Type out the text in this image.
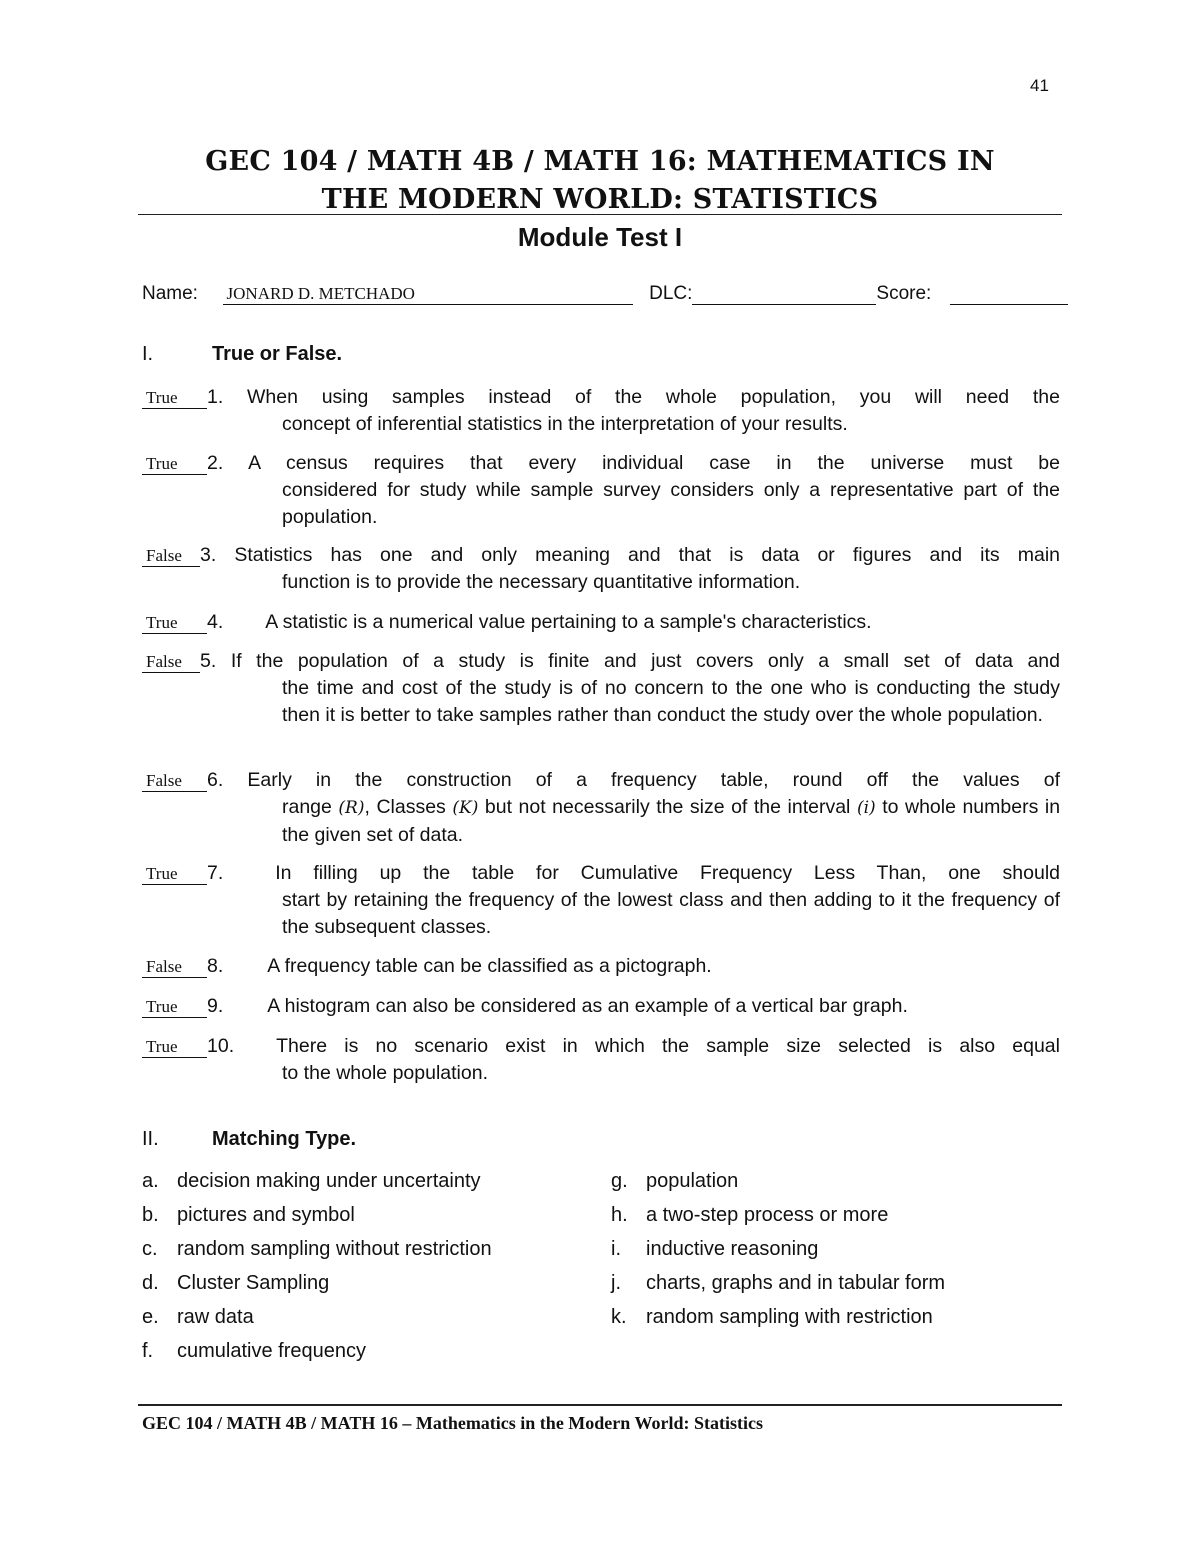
41
GEC 104 / MATH 4B / MATH 16: MATHEMATICS IN
THE MODERN WORLD: STATISTICS
Module Test I
Name: JONARD D. METCHADO	DLC:	Score:
I.	True or False.
True 1. When using samples instead of the whole population, you will need the
concept of inferential statistics in the interpretation of your results.
True 2. A census requires that every individual case in the universe must be
considered for study while sample survey considers only a representative part of the population.
False 3. Statistics has one and only meaning and that is data or figures and its main
function is to provide the necessary quantitative information.
True 4. A statistic is a numerical value pertaining to a sample's characteristics.
False 5. If the population of a study is finite and just covers only a small set of data and
the time and cost of the study is of no concern to the one who is conducting the study then it is better to take samples rather than conduct the study over the whole population.
False 6. Early in the construction of a frequency table, round off the values of
range (R), Classes (K) but not necessarily the size of the interval (i) to whole numbers in the given set of data.
True 7.	In filling up the table for Cumulative Frequency Less Than, one should
start by retaining the frequency of the lowest class and then adding to it the frequency of the subsequent classes.
False 8. A frequency table can be classified as a pictograph.
True 9. A histogram can also be considered as an example of a vertical bar graph.
True 10. There is no scenario exist in which the sample size selected is also equal
to the whole population.
II.	Matching Type.
a. decision making under uncertainty
b. pictures and symbol
c. random sampling without restriction
d. Cluster Sampling
e. raw data
f. cumulative frequency
g. population
h. a two-step process or more
i. inductive reasoning
j. charts, graphs and in tabular form
k. random sampling with restriction
GEC 104 / MATH 4B / MATH 16 – Mathematics in the Modern World: Statistics
